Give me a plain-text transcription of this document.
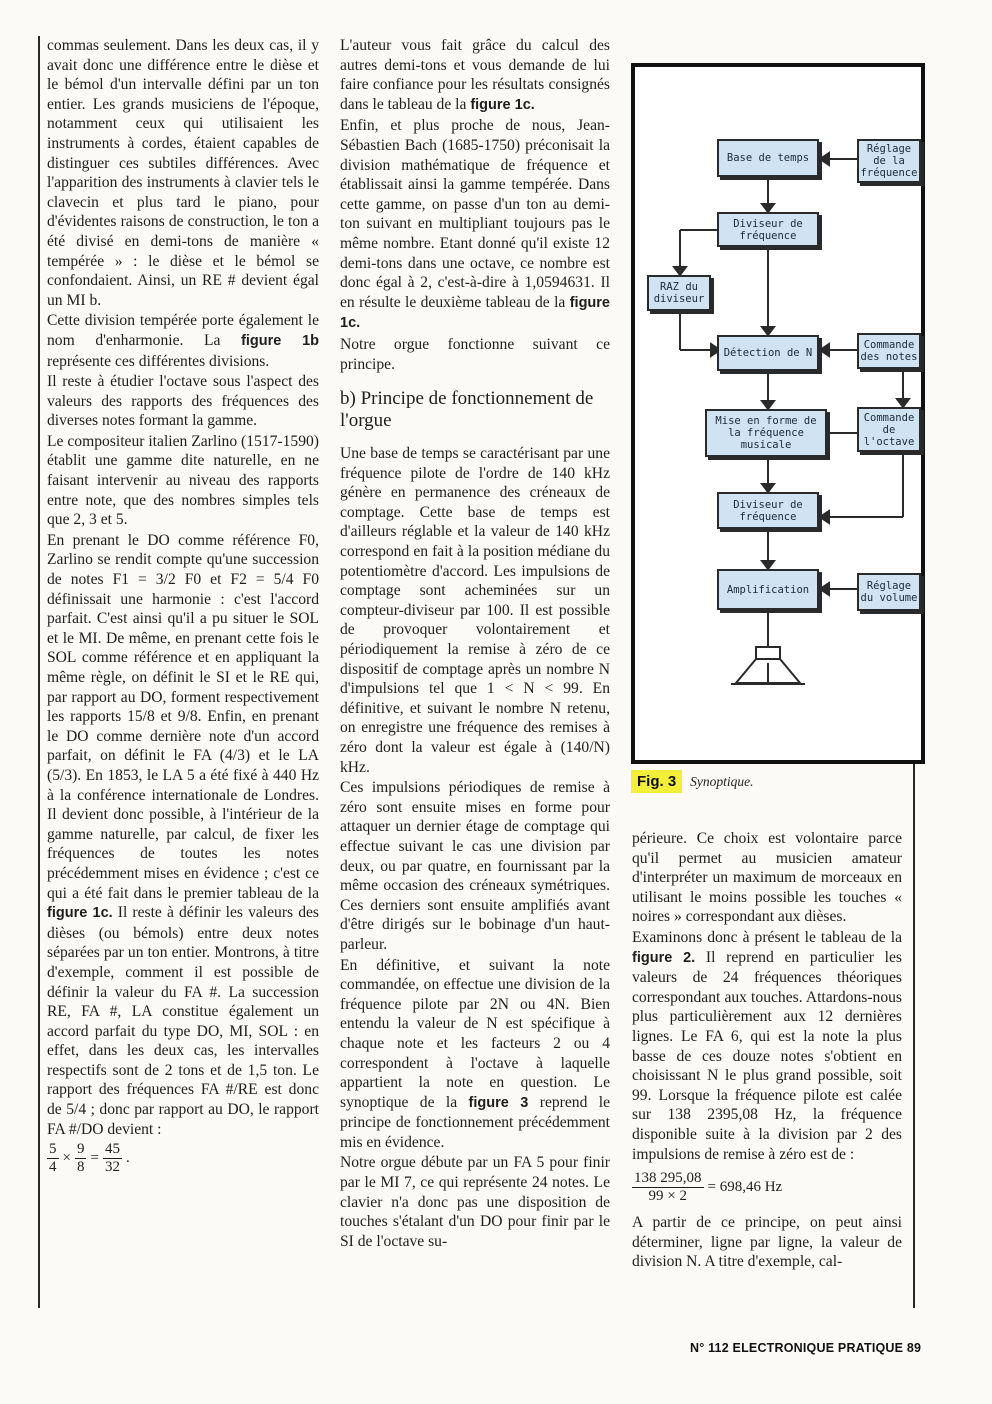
commas seulement. Dans les deux cas, il y avait donc une différence entre le dièse et le bémol d'un intervalle défini par un ton entier. Les grands musiciens de l'époque, notamment ceux qui utilisaient les instruments à cordes, étaient capables de distinguer ces subtiles différences. Avec l'apparition des instruments à clavier tels le clavecin et plus tard le piano, pour d'évidentes raisons de construction, le ton a été divisé en demi-tons de manière « tempérée » : le dièse et le bémol se confondaient. Ainsi, un RE # devient égal un MI b.

Cette division tempérée porte également le nom d'enharmonie. La figure 1b représente ces différentes divisions.

Il reste à étudier l'octave sous l'aspect des valeurs des rapports des fréquences des diverses notes formant la gamme.

Le compositeur italien Zarlino (1517-1590) établit une gamme dite naturelle, en ne faisant intervenir au niveau des rapports entre note, que des nombres simples tels que 2, 3 et 5.

En prenant le DO comme référence F0, Zarlino se rendit compte qu'une succession de notes F1 = 3/2 F0 et F2 = 5/4 F0 définissait une harmonie : c'est l'accord parfait. C'est ainsi qu'il a pu situer le SOL et le MI. De même, en prenant cette fois le SOL comme référence et en appliquant la même règle, on définit le SI et le RE qui, par rapport au DO, forment respectivement les rapports 15/8 et 9/8. Enfin, en prenant le DO comme dernière note d'un accord parfait, on définit le FA (4/3) et le LA (5/3). En 1853, le LA 5 a été fixé à 440 Hz à la conférence internationale de Londres. Il devient donc possible, à l'intérieur de la gamme naturelle, par calcul, de fixer les fréquences de toutes les notes précédemment mises en évidence ; c'est ce qui a été fait dans le premier tableau de la figure 1c. Il reste à définir les valeurs des dièses (ou bémols) entre deux notes séparées par un ton entier. Montrons, à titre d'exemple, comment il est possible de définir la valeur du FA #. La succession RE, FA #, LA constitue également un accord parfait du type DO, MI, SOL : en effet, dans les deux cas, les intervalles respectifs sont de 2 tons et de 1,5 ton. Le rapport des fréquences FA #/RE est donc de 5/4 ; donc par rapport au DO, le rapport FA #/DO devient :

$\frac{5}{4} \times \frac{9}{8} = \frac{45}{32}$ .

L'auteur vous fait grâce du calcul des autres demi-tons et vous demande de lui faire confiance pour les résultats consignés dans le tableau de la figure 1c.

Enfin, et plus proche de nous, Jean-Sébastien Bach (1685-1750) préconisait la division mathématique de fréquence et établissait ainsi la gamme tempérée. Dans cette gamme, on passe d'un ton au demi-ton suivant en multipliant toujours pas le même nombre. Etant donné qu'il existe 12 demi-tons dans une octave, ce nombre est donc égal à 2, c'est-à-dire à 1,0594631. Il en résulte le deuxième tableau de la figure 1c.

Notre orgue fonctionne suivant ce principe.

b) Principe de fonctionnement de l'orgue

Une base de temps se caractérisant par une fréquence pilote de l'ordre de 140 kHz génère en permanence des créneaux de comptage. Cette base de temps est d'ailleurs réglable et la valeur de 140 kHz correspond en fait à la position médiane du potentiomètre d'accord. Les impulsions de comptage sont acheminées sur un compteur-diviseur par 100. Il est possible de provoquer volontairement et périodiquement la remise à zéro de ce dispositif de comptage après un nombre N d'impulsions tel que 1 < N < 99. En définitive, et suivant le nombre N retenu, on enregistre une fréquence des remises à zéro dont la valeur est égale à (140/N) kHz.

Ces impulsions périodiques de remise à zéro sont ensuite mises en forme pour attaquer un dernier étage de comptage qui effectue suivant le cas une division par deux, ou par quatre, en fournissant par la même occasion des créneaux symétriques. Ces derniers sont ensuite amplifiés avant d'être dirigés sur le bobinage d'un haut-parleur.

En définitive, et suivant la note commandée, on effectue une division de la fréquence pilote par 2N ou 4N. Bien entendu la valeur de N est spécifique à chaque note et les facteurs 2 ou 4 correspondent à l'octave à laquelle appartient la note en question. Le synoptique de la figure 3 reprend le principe de fonctionnement précédemment mis en évidence.

Notre orgue débute par un FA 5 pour finir par le MI 7, ce qui représente 24 notes. Le clavier n'a donc pas une disposition de touches s'étalant d'un DO pour finir par le SI de l'octave su-

Base de temps
Réglage de la fréquence
Diviseur de fréquence
RAZ du diviseur
Détection de N
Commande des notes
Mise en forme de la fréquence musicale
Commande de l'octave
Diviseur de fréquence
Amplification	Réglage du volume
Fig. 3	Synoptique.

périeure. Ce choix est volontaire parce qu'il permet au musicien amateur d'interpréter un maximum de morceaux en utilisant le moins possible les touches « noires » correspondant aux dièses.

Examinons donc à présent le tableau de la figure 2. Il reprend en particulier les valeurs de 24 fréquences théoriques correspondant aux touches. Attardons-nous plus particulièrement aux 12 dernières lignes. Le FA 6, qui est la note la plus basse de ces douze notes s'obtient en choisissant N le plus grand possible, soit 99. Lorsque la fréquence pilote est calée sur 138 2395,08 Hz, la fréquence disponible suite à la division par 2 des impulsions de remise à zéro est de :

$\frac{138 295,08}{99 \times 2} = 698,46$ Hz

A partir de ce principe, on peut ainsi déterminer, ligne par ligne, la valeur de division N. A titre d'exemple, cal-

N° 112 ELECTRONIQUE PRATIQUE 89
